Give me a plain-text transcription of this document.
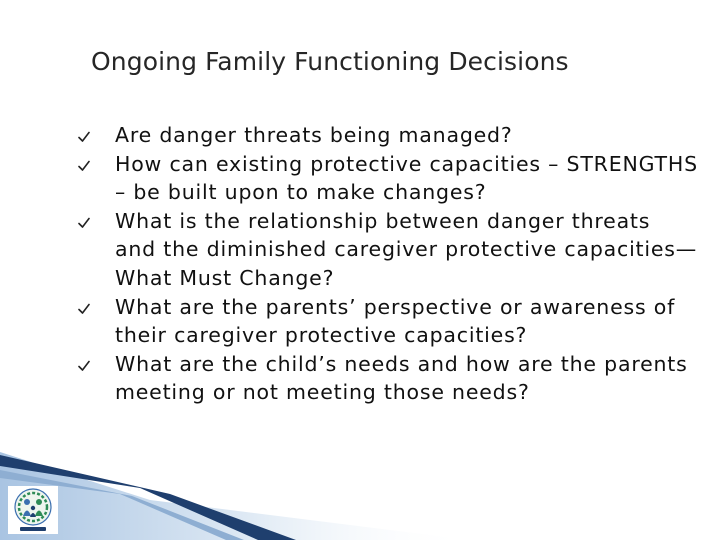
Ongoing Family Functioning Decisions
Are danger threats being managed?
How can existing protective capacities – STRENGTHS – be built upon to make changes?
What is the relationship between danger threats and the diminished caregiver protective capacities—What Must Change?
What are the parents’ perspective or awareness of their caregiver protective capacities?
What are the child’s needs and how are the parents meeting or not meeting those needs?
